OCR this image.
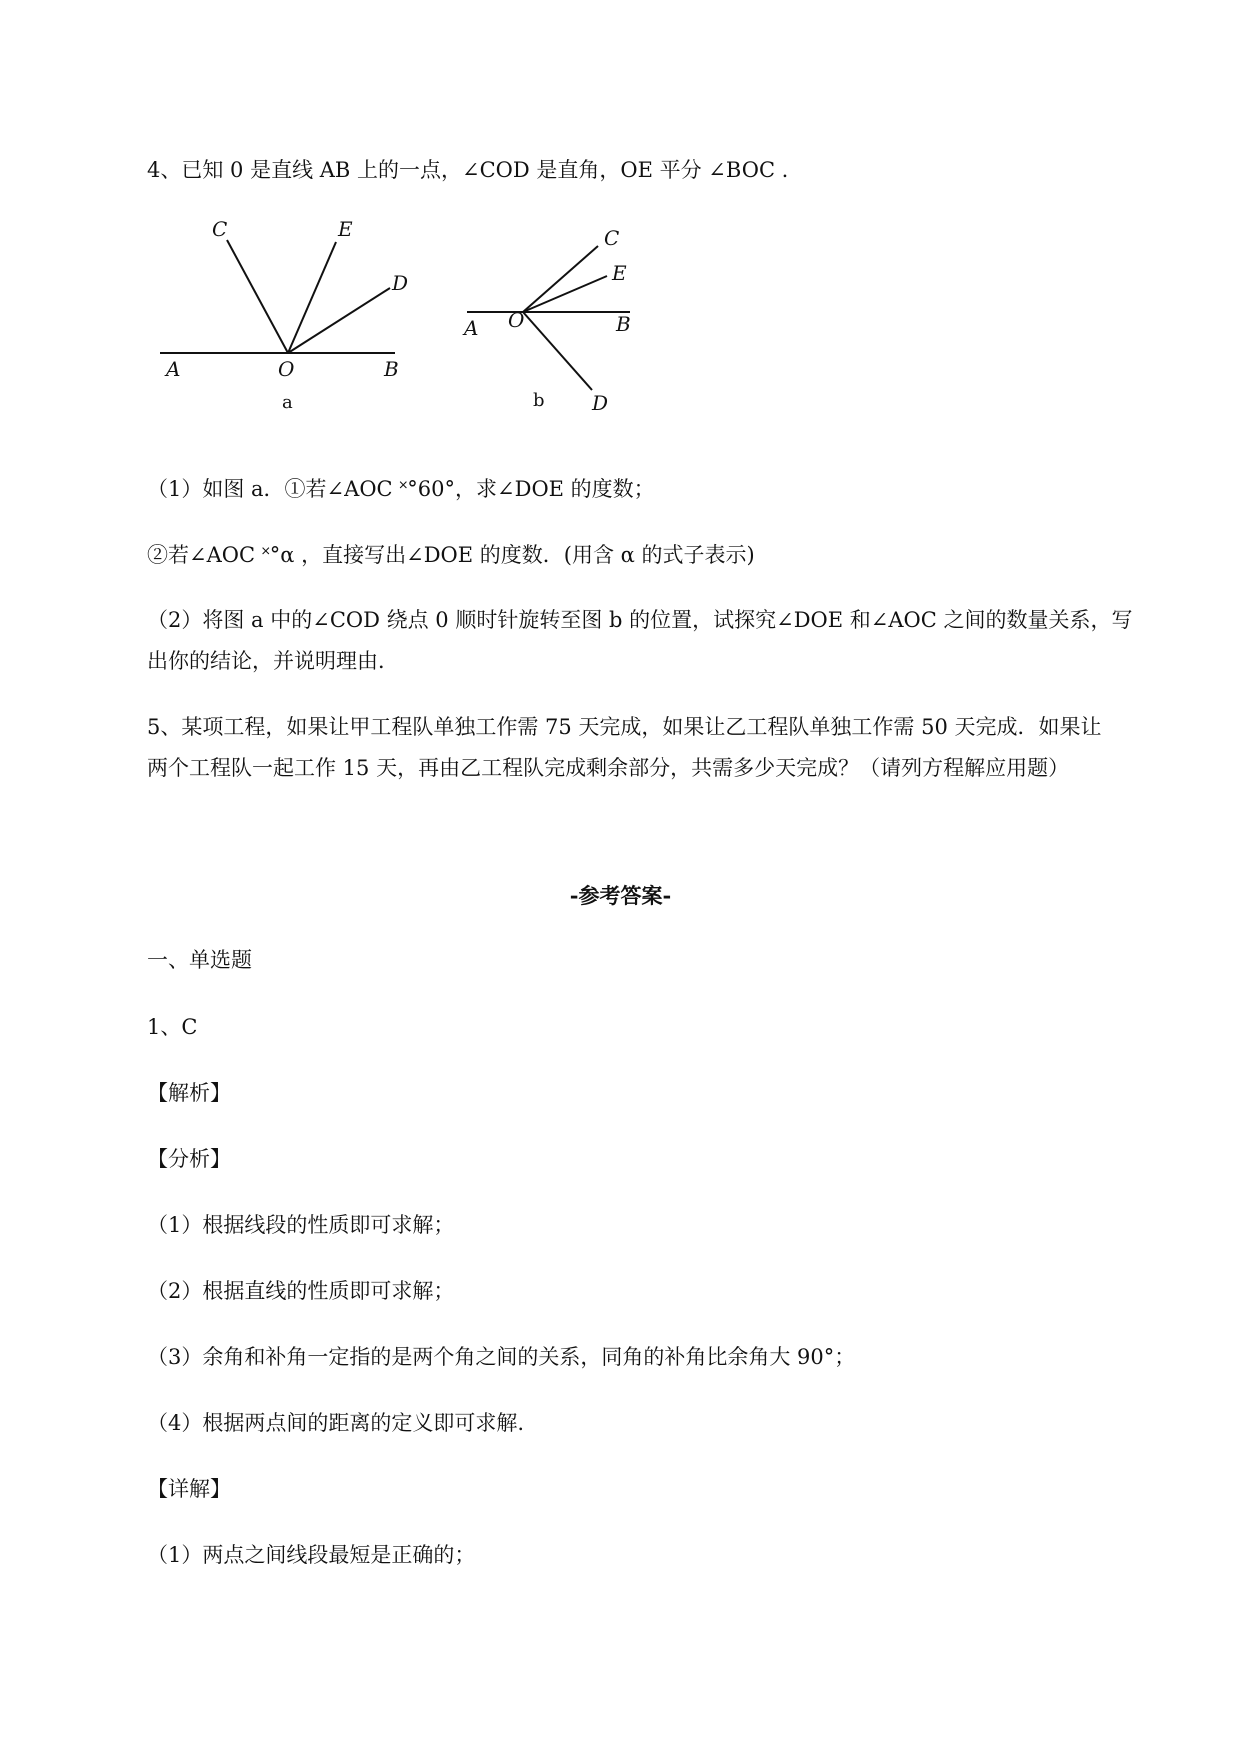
4、已知 0 是直线 AB 上的一点，∠COD 是直角，OE 平分 ∠BOC .
A	O	B
C	E
D
a
A O	B
C
E
D
b
（1）如图 a．①若∠AOC ˟°60°，求∠DOE 的度数；
②若∠AOC ˟°α ，直接写出∠DOE 的度数．(用含 α 的式子表示)
（2）将图 a 中的∠COD 绕点 0 顺时针旋转至图 b 的位置，试探究∠DOE 和∠AOC 之间的数量关系，写
出你的结论，并说明理由．
5、某项工程，如果让甲工程队单独工作需 75 天完成，如果让乙工程队单独工作需 50 天完成．如果让
两个工程队一起工作 15 天，再由乙工程队完成剩余部分，共需多少天完成？（请列方程解应用题）
-参考答案-
一、单选题
1、C
【解析】
【分析】
（1）根据线段的性质即可求解；
（2）根据直线的性质即可求解；
（3）余角和补角一定指的是两个角之间的关系，同角的补角比余角大 90°；
（4）根据两点间的距离的定义即可求解.
【详解】
（1）两点之间线段最短是正确的；
